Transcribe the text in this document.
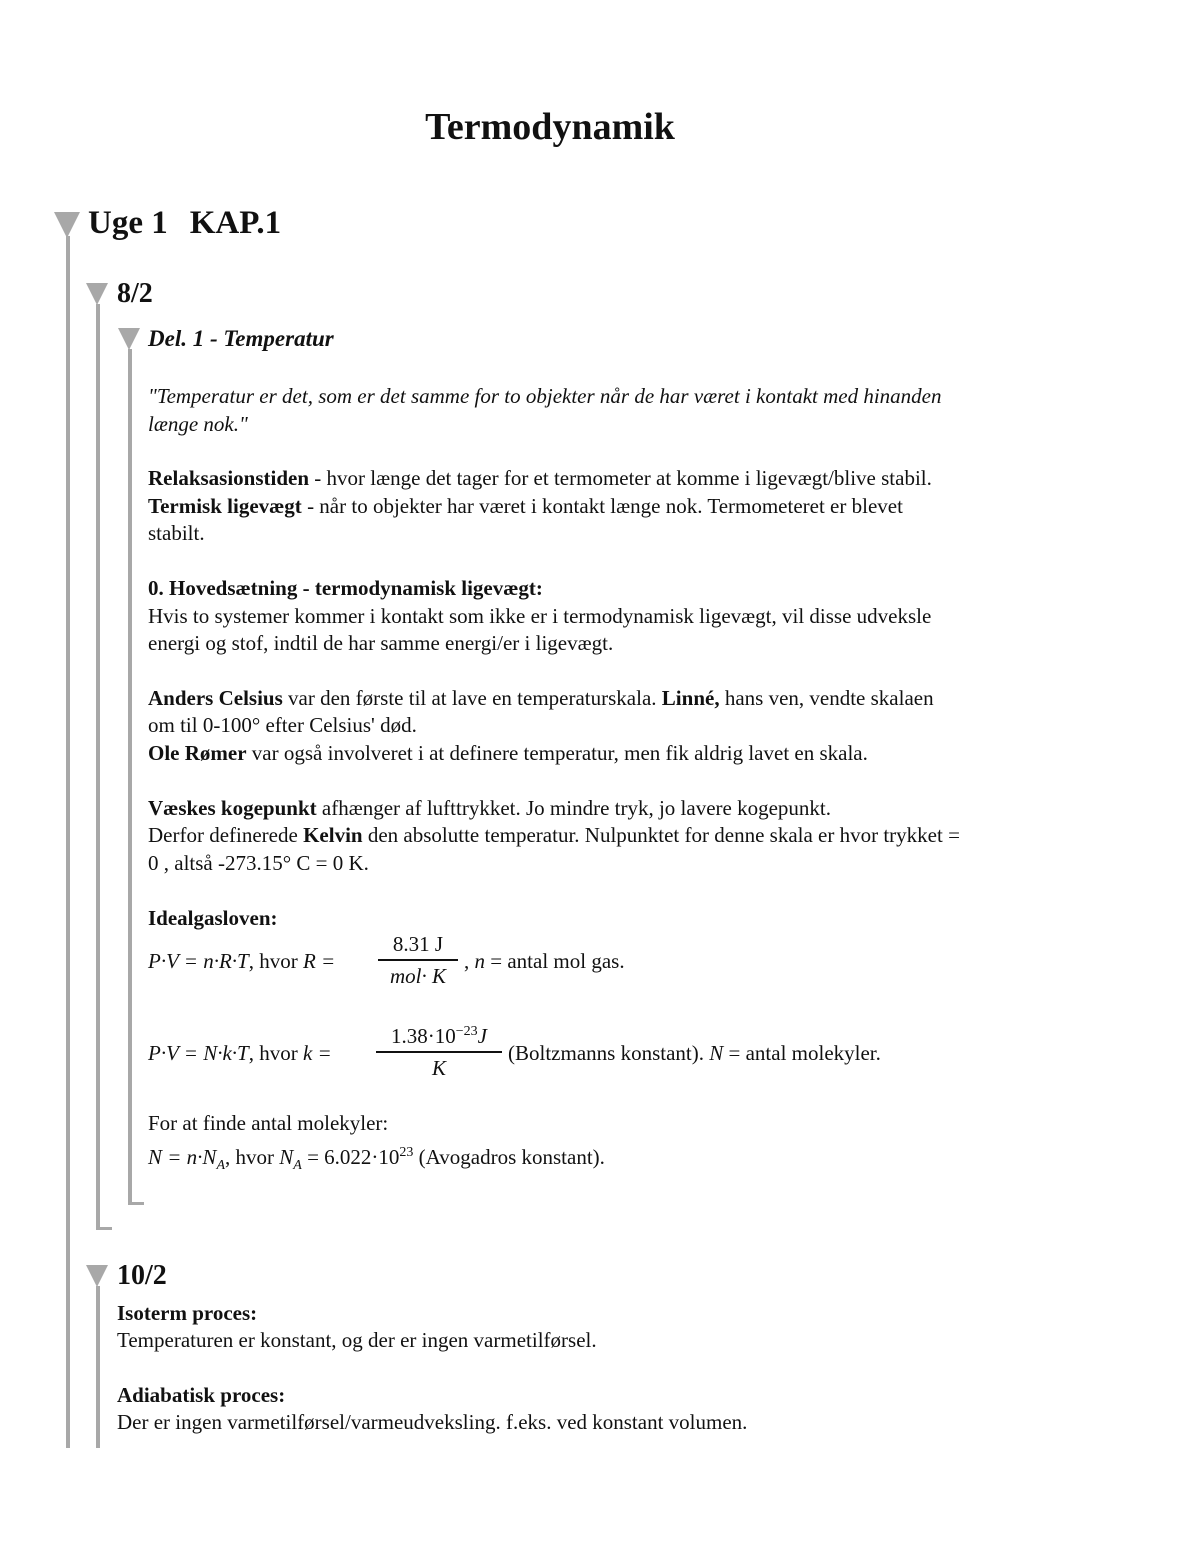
Termodynamik
Uge 1 KAP.1
8/2
Del. 1 - Temperatur
"Temperatur er det, som er det samme for to objekter når de har været i kontakt med hinanden
længe nok."
Relaksasionstiden - hvor længe det tager for et termometer at komme i ligevægt/blive stabil.
Termisk ligevægt - når to objekter har været i kontakt længe nok. Termometeret er blevet
stabilt.
0. Hovedsætning - termodynamisk ligevægt:
Hvis to systemer kommer i kontakt som ikke er i termodynamisk ligevægt, vil disse udveksle
energi og stof, indtil de har samme energi/er i ligevægt.
Anders Celsius var den første til at lave en temperaturskala. Linné, hans ven, vendte skalaen
om til 0-100° efter Celsius' død.
Ole Rømer var også involveret i at definere temperatur, men fik aldrig lavet en skala.
Væskes kogepunkt afhænger af lufttrykket. Jo mindre tryk, jo lavere kogepunkt.
Derfor definerede Kelvin den absolutte temperatur. Nulpunktet for denne skala er hvor trykket =
0 , altså -273.15° C = 0 K.
Idealgasloven:
P·V = n·R·T, hvor R =
8.31 J
mol· K
, n = antal mol gas.
P·V = N·k·T, hvor k =
$1.38\cdot 10^{-23}J$
K
(Boltzmanns konstant). N = antal molekyler.
For at finde antal molekyler:
$N = n\cdot N_A$, hvor $N_A = 6.022\cdot 10^{23}$ (Avogadros konstant).
10/2
Isoterm proces:
Temperaturen er konstant, og der er ingen varmetilførsel.
Adiabatisk proces:
Der er ingen varmetilførsel/varmeudveksling. f.eks. ved konstant volumen.
